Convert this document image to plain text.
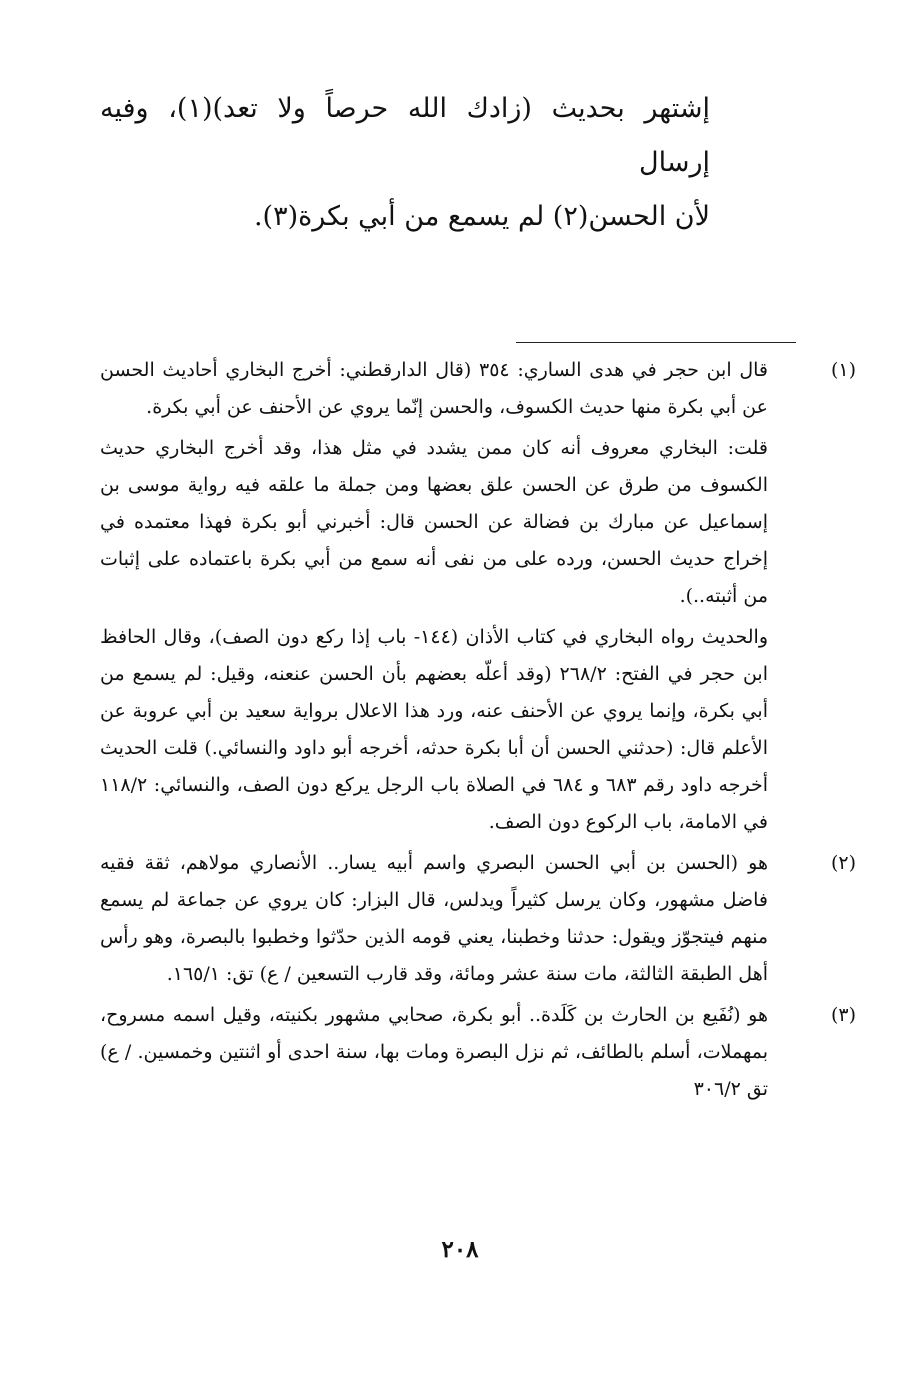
إشتهر بحديث (زادك الله حرصاً ولا تعد)(١)، وفيه إرسال

لأن الحسن(٢) لم يسمع من أبي بكرة(٣).

(١)

قال ابن حجر في هدى الساري: ٣٥٤ (قال الدارقطني: أخرج البخاري أحاديث الحسن عن أبي بكرة منها حديث الكسوف، والحسن إنّما يروي عن الأحنف عن أبي بكرة.

قلت: البخاري معروف أنه كان ممن يشدد في مثل هذا، وقد أخرج البخاري حديث الكسوف من طرق عن الحسن علق بعضها ومن جملة ما علقه فيه رواية موسى بن إسماعيل عن مبارك بن فضالة عن الحسن قال: أخبرني أبو بكرة فهذا معتمده في إخراج حديث الحسن، ورده على من نفى أنه سمع من أبي بكرة باعتماده على إثبات من أثبته..).

والحديث رواه البخاري في كتاب الأذان (١٤٤- باب إذا ركع دون الصف)، وقال الحافظ ابن حجر في الفتح: ٢٦٨/٢ (وقد أعلّه بعضهم بأن الحسن عنعنه، وقيل: لم يسمع من أبي بكرة، وإنما يروي عن الأحنف عنه، ورد هذا الاعلال برواية سعيد بن أبي عروبة عن الأعلم قال: (حدثني الحسن أن أبا بكرة حدثه، أخرجه أبو داود والنسائي.) قلت الحديث أخرجه داود رقم ٦٨٣ و ٦٨٤ في الصلاة باب الرجل يركع دون الصف، والنسائي: ١١٨/٢ في الامامة، باب الركوع دون الصف.

(٢)

هو (الحسن بن أبي الحسن البصري واسم أبيه يسار.. الأنصاري مولاهم، ثقة فقيه فاضل مشهور، وكان يرسل كثيراً ويدلس، قال البزار: كان يروي عن جماعة لم يسمع منهم فيتجوّز ويقول: حدثنا وخطبنا، يعني قومه الذين حدّثوا وخطبوا بالبصرة، وهو رأس أهل الطبقة الثالثة، مات سنة عشر ومائة، وقد قارب التسعين / ع) تق: ١٦٥/١.

(٣)

هو (نُفَيع بن الحارث بن كَلَدة.. أبو بكرة، صحابي مشهور بكنيته، وقيل اسمه مسروح، بمهملات، أسلم بالطائف، ثم نزل البصرة ومات بها، سنة احدى أو اثنتين وخمسين. / ع) تق ٣٠٦/٢

٢٠٨
